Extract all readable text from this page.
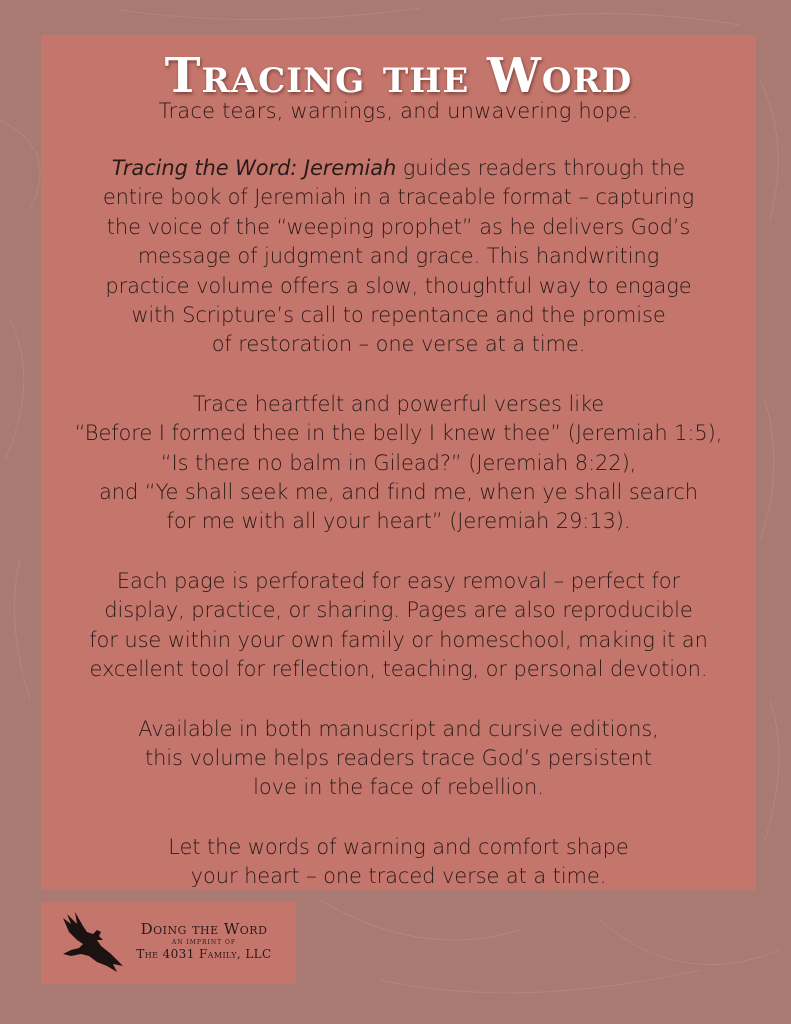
Tracing the Word
Trace tears, warnings, and unwavering hope.

Tracing the Word: Jeremiah guides readers through the
entire book of Jeremiah in a traceable format – capturing
the voice of the “weeping prophet” as he delivers God’s
message of judgment and grace. This handwriting
practice volume offers a slow, thoughtful way to engage
with Scripture’s call to repentance and the promise
of restoration – one verse at a time.

Trace heartfelt and powerful verses like
“Before I formed thee in the belly I knew thee” (Jeremiah 1:5),
“Is there no balm in Gilead?” (Jeremiah 8:22),
and “Ye shall seek me, and find me, when ye shall search
for me with all your heart” (Jeremiah 29:13).

Each page is perforated for easy removal – perfect for
display, practice, or sharing. Pages are also reproducible
for use within your own family or homeschool, making it an
excellent tool for reflection, teaching, or personal devotion.

Available in both manuscript and cursive editions,
this volume helps readers trace God’s persistent
love in the face of rebellion.

Let the words of warning and comfort shape
your heart – one traced verse at a time.

Doing the Word
AN IMPRINT OF
The 4031 Family, LLC
